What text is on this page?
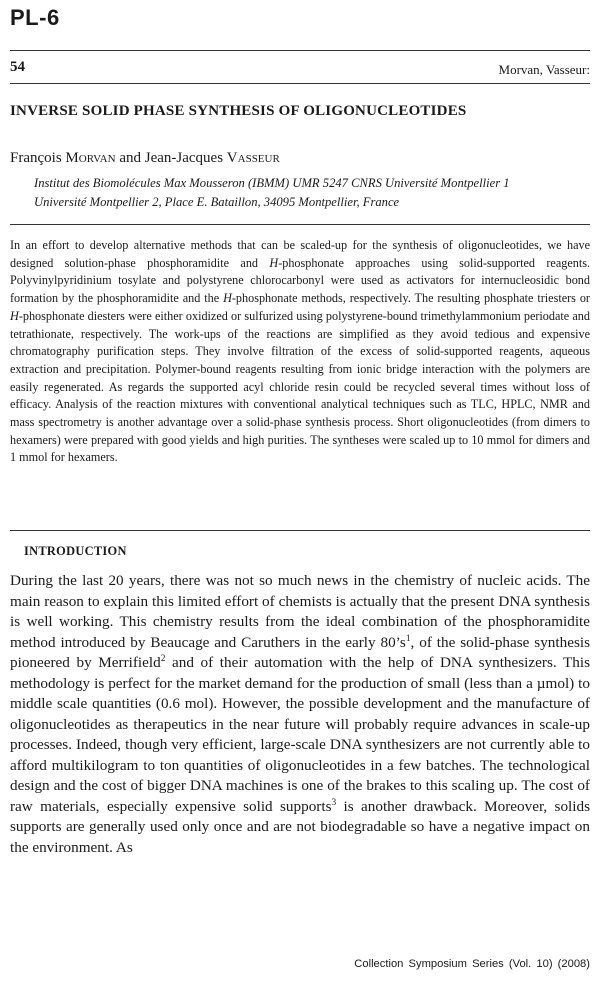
PL-6
54	Morvan, Vasseur:
INVERSE SOLID PHASE SYNTHESIS OF OLIGONUCLEOTIDES
François Morvan and Jean-Jacques Vasseur
Institut des Biomolécules Max Mousseron (IBMM) UMR 5247 CNRS Université Montpellier 1
Université Montpellier 2, Place E. Bataillon, 34095 Montpellier, France

In an effort to develop alternative methods that can be scaled-up for the synthesis of oligonucleotides, we have designed solution-phase phosphoramidite and H-phosphonate approaches using solid-supported reagents. Polyvinylpyridinium tosylate and polystyrene chlorocarbonyl were used as activators for internucleosidic bond formation by the phosphoramidite and the H-phosphonate methods, respectively. The resulting phosphate triesters or H-phosphonate diesters were either oxidized or sulfurized using polystyrene-bound trimethylammonium periodate and tetrathionate, respectively. The work-ups of the reactions are simplified as they avoid tedious and expensive chromatography purification steps. They involve filtration of the excess of solid-supported reagents, aqueous extraction and precipitation. Polymer-bound reagents resulting from ionic bridge interaction with the polymers are easily regenerated. As regards the supported acyl chloride resin could be recycled several times without loss of efficacy. Analysis of the reaction mixtures with conventional analytical techniques such as TLC, HPLC, NMR and mass spectrometry is another advantage over a solid-phase synthesis process. Short oligonucleotides (from dimers to hexamers) were prepared with good yields and high purities. The syntheses were scaled up to 10 mmol for dimers and 1 mmol for hexamers.

INTRODUCTION

During the last 20 years, there was not so much news in the chemistry of nucleic acids. The main reason to explain this limited effort of chemists is actually that the present DNA synthesis is well working. This chemistry results from the ideal combination of the phosphoramidite method introduced by Beaucage and Caruthers in the early $80’s^1$, of the solid-phase synthesis pioneered by Merrifield$^2$ and of their automation with the help of DNA synthesizers. This methodology is perfect for the market demand for the production of small (less than a µmol) to middle scale quantities (0.6 mol). However, the possible development and the manufacture of oligonucleotides as therapeutics in the near future will probably require advances in scale-up processes. Indeed, though very efficient, large-scale DNA synthesizers are not currently able to afford multikilogram to ton quantities of oligonucleotides in a few batches. The technological design and the cost of bigger DNA machines is one of the brakes to this scaling up. The cost of raw materials, especially expensive solid supports$^3$ is another drawback. Moreover, solids supports are generally used only once and are not biodegradable so have a negative impact on the environment. As

Collection Symposium Series (Vol. 10) (2008)
